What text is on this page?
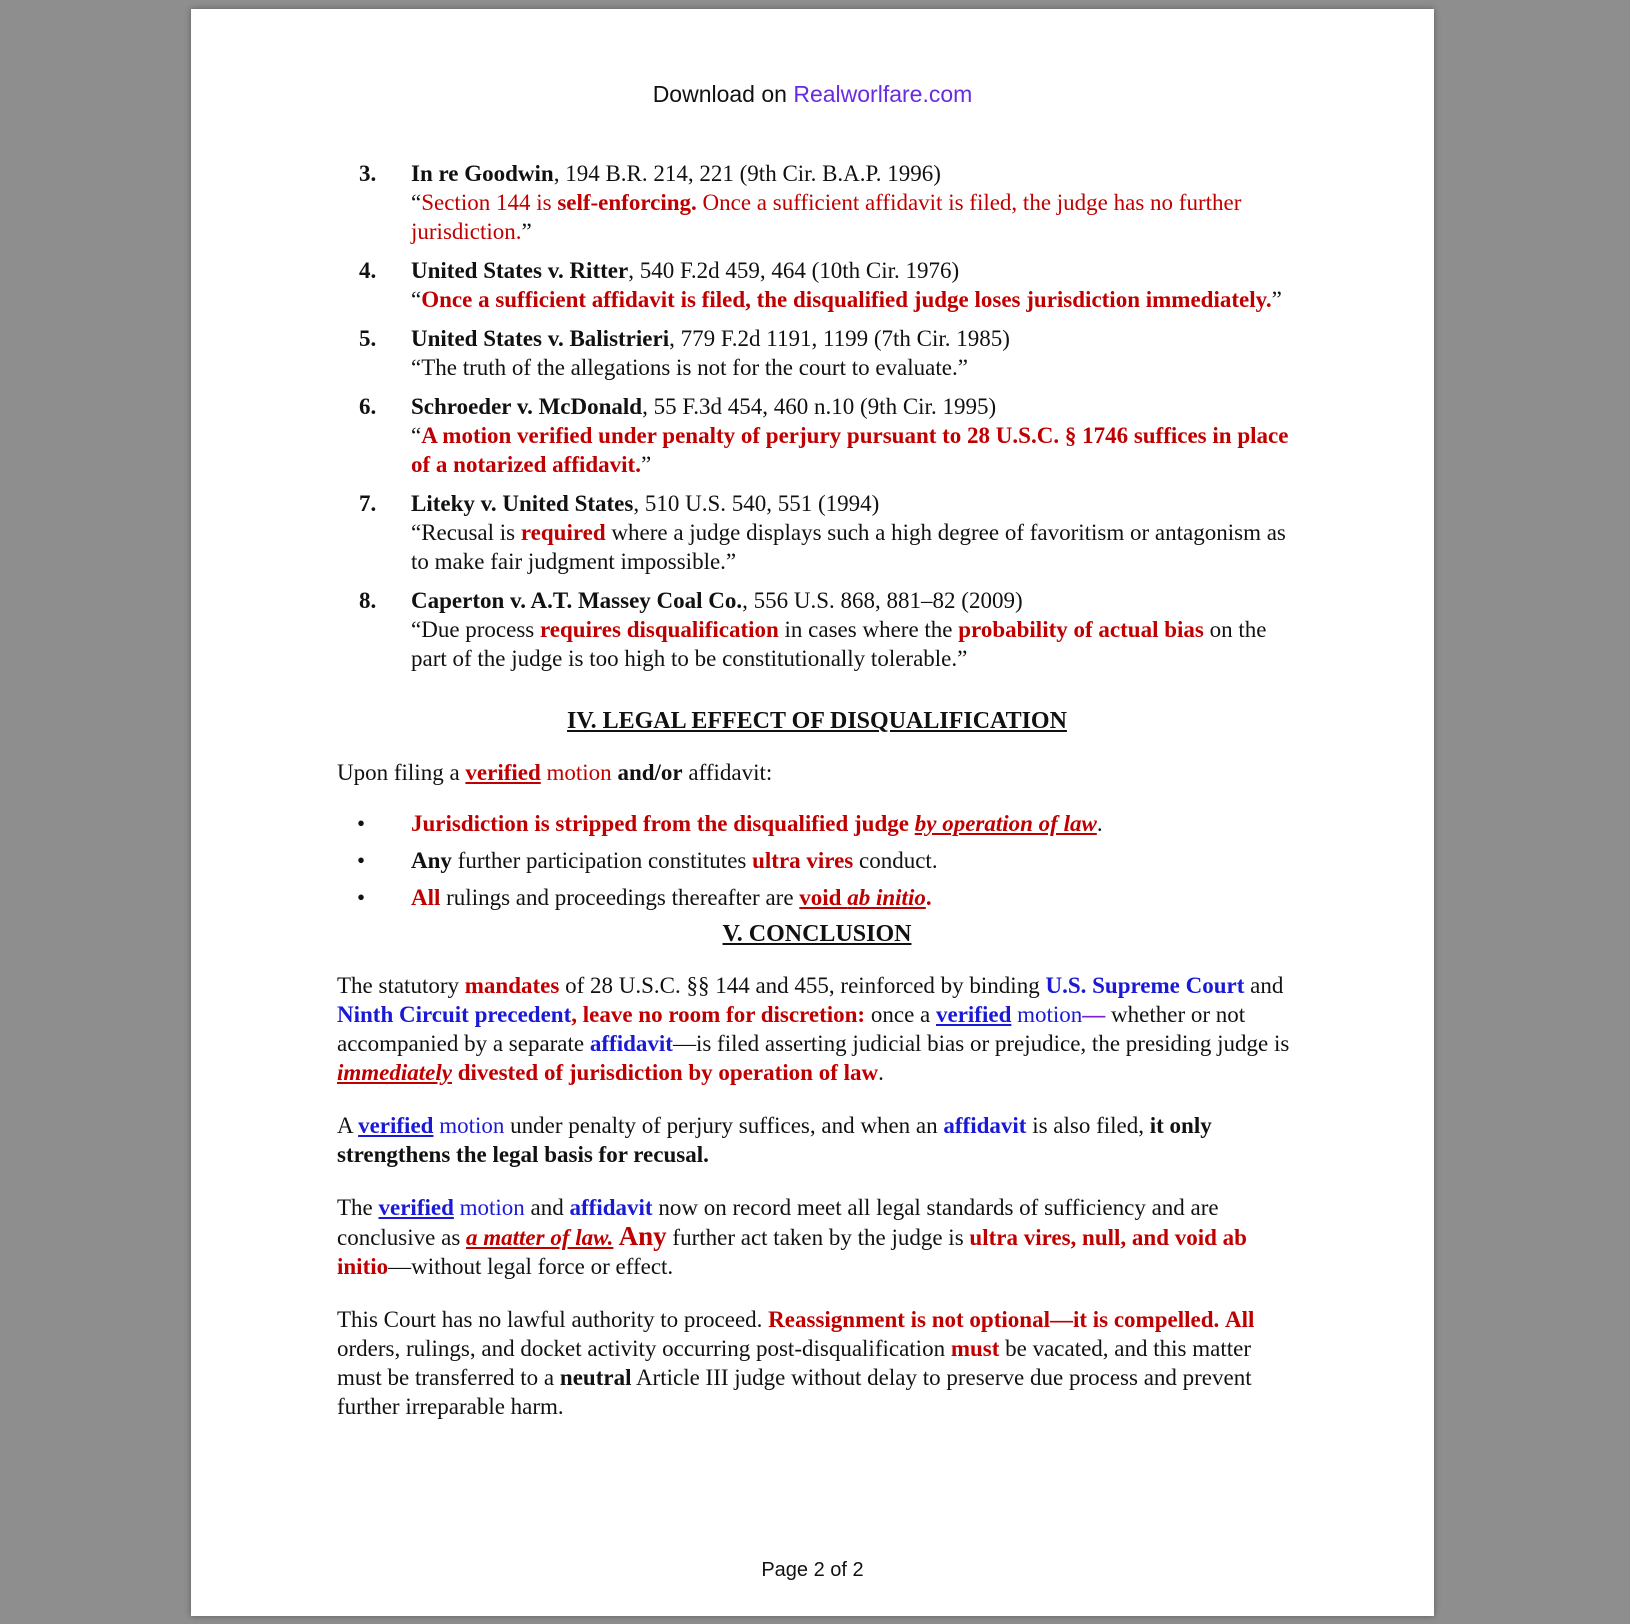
Download on Realworlfare.com
3. In re Goodwin, 194 B.R. 214, 221 (9th Cir. B.A.P. 1996)
“Section 144 is self-enforcing. Once a sufficient affidavit is filed, the judge has no further jurisdiction.”
4. United States v. Ritter, 540 F.2d 459, 464 (10th Cir. 1976)
“Once a sufficient affidavit is filed, the disqualified judge loses jurisdiction immediately.”
5. United States v. Balistrieri, 779 F.2d 1191, 1199 (7th Cir. 1985)
“The truth of the allegations is not for the court to evaluate.”
6. Schroeder v. McDonald, 55 F.3d 454, 460 n.10 (9th Cir. 1995)
“A motion verified under penalty of perjury pursuant to 28 U.S.C. § 1746 suffices in place of a notarized affidavit.”
7. Liteky v. United States, 510 U.S. 540, 551 (1994)
“Recusal is required where a judge displays such a high degree of favoritism or antagonism as to make fair judgment impossible.”
8. Caperton v. A.T. Massey Coal Co., 556 U.S. 868, 881–82 (2009)
“Due process requires disqualification in cases where the probability of actual bias on the part of the judge is too high to be constitutionally tolerable.”
IV. LEGAL EFFECT OF DISQUALIFICATION

Upon filing a verified motion and/or affidavit:

• Jurisdiction is stripped from the disqualified judge by operation of law.
• Any further participation constitutes ultra vires conduct.
• All rulings and proceedings thereafter are void ab initio.
V. CONCLUSION

The statutory mandates of 28 U.S.C. §§ 144 and 455, reinforced by binding U.S. Supreme Court and Ninth Circuit precedent, leave no room for discretion: once a verified motion— whether or not accompanied by a separate affidavit—is filed asserting judicial bias or prejudice, the presiding judge is immediately divested of jurisdiction by operation of law.

A verified motion under penalty of perjury suffices, and when an affidavit is also filed, it only strengthens the legal basis for recusal.

The verified motion and affidavit now on record meet all legal standards of sufficiency and are conclusive as a matter of law. Any further act taken by the judge is ultra vires, null, and void ab initio—without legal force or effect.

This Court has no lawful authority to proceed. Reassignment is not optional—it is compelled. All orders, rulings, and docket activity occurring post-disqualification must be vacated, and this matter must be transferred to a neutral Article III judge without delay to preserve due process and prevent further irreparable harm.

Page 2 of 2
